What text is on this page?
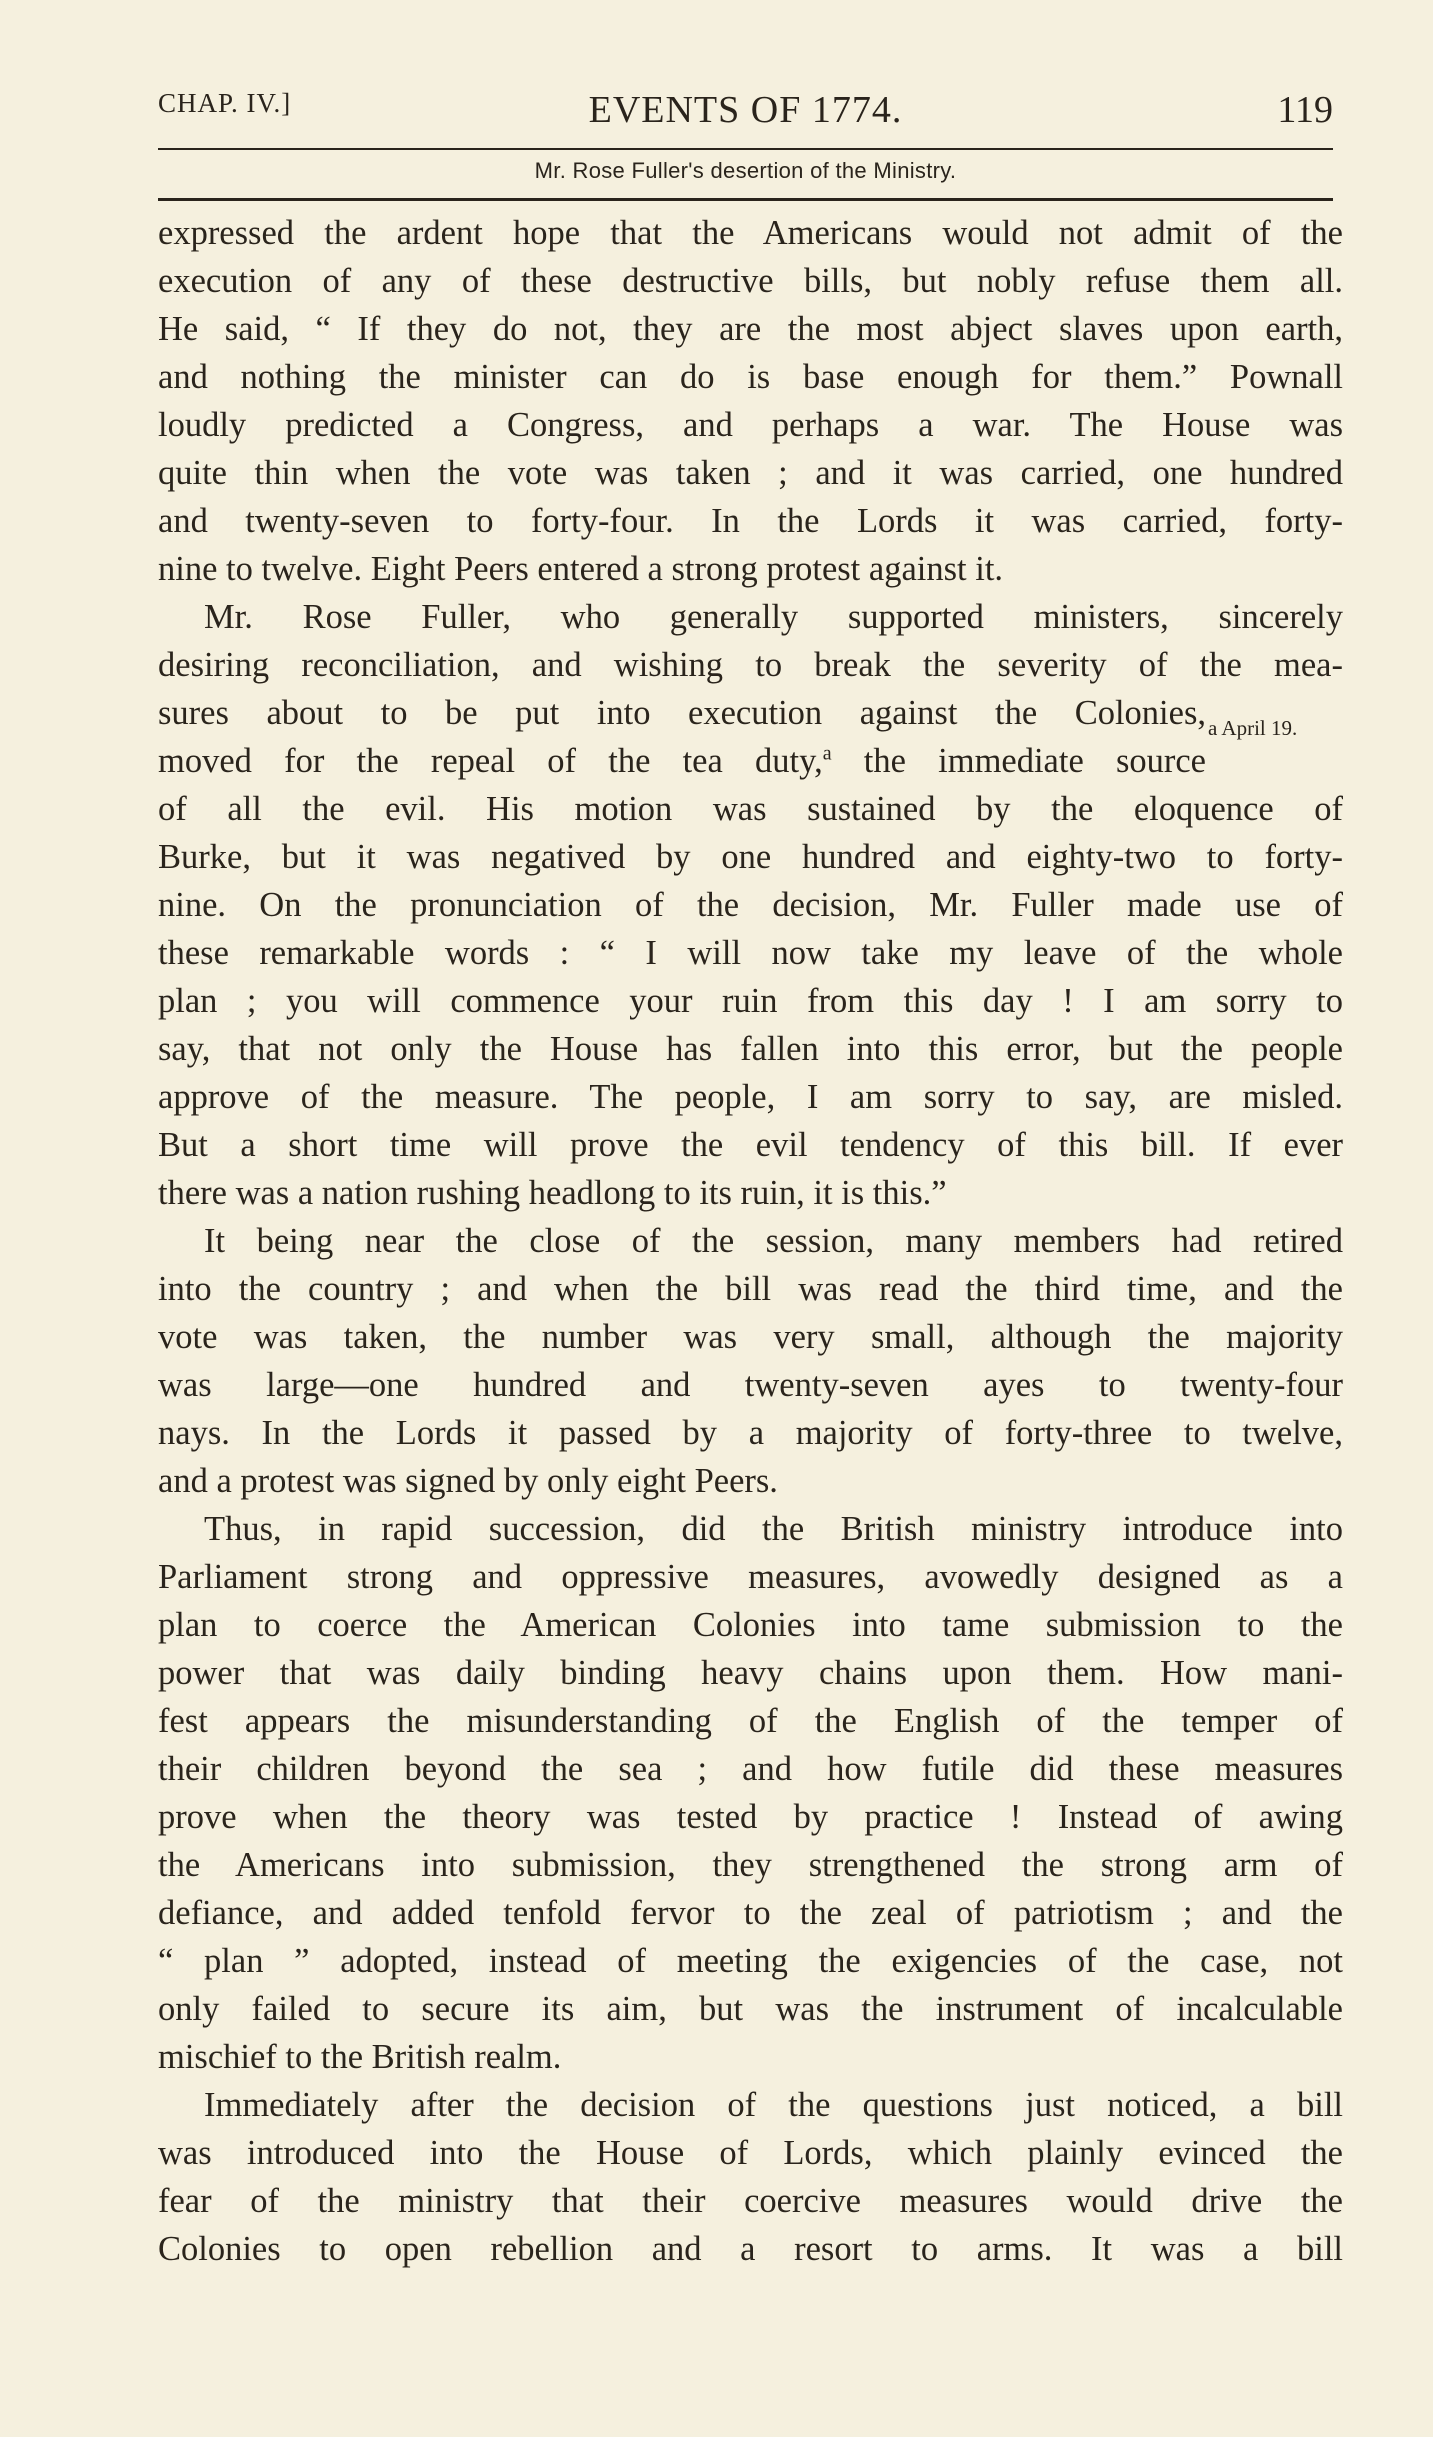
CHAP. IV.]	EVENTS OF 1774.	119
Mr. Rose Fuller's desertion of the Ministry.
expressed the ardent hope that the Americans would not admit of the
execution of any of these destructive bills, but nobly refuse them all.
He said, “ If they do not, they are the most abject slaves upon earth,
and nothing the minister can do is base enough for them.” Pownall
loudly predicted a Congress, and perhaps a war. The House was
quite thin when the vote was taken ; and it was carried, one hundred
and twenty-seven to forty-four. In the Lords it was carried, forty-
nine to twelve. Eight Peers entered a strong protest against it.
Mr. Rose Fuller, who generally supported ministers, sincerely
desiring reconciliation, and wishing to break the severity of the mea-
sures about to be put into execution against the Colonies,
moved for the repeal of the tea duty,$^a$ the immediate source
of all the evil. His motion was sustained by the eloquence of
Burke, but it was negatived by one hundred and eighty-two to forty-
nine. On the pronunciation of the decision, Mr. Fuller made use of
these remarkable words : “ I will now take my leave of the whole
plan ; you will commence your ruin from this day ! I am sorry to
say, that not only the House has fallen into this error, but the people
approve of the measure. The people, I am sorry to say, are misled.
But a short time will prove the evil tendency of this bill. If ever
there was a nation rushing headlong to its ruin, it is this.”
It being near the close of the session, many members had retired
into the country ; and when the bill was read the third time, and the
vote was taken, the number was very small, although the majority
was large—one hundred and twenty-seven ayes to twenty-four
nays. In the Lords it passed by a majority of forty-three to twelve,
and a protest was signed by only eight Peers.
Thus, in rapid succession, did the British ministry introduce into
Parliament strong and oppressive measures, avowedly designed as a
plan to coerce the American Colonies into tame submission to the
power that was daily binding heavy chains upon them. How mani-
fest appears the misunderstanding of the English of the temper of
their children beyond the sea ; and how futile did these measures
prove when the theory was tested by practice ! Instead of awing
the Americans into submission, they strengthened the strong arm of
defiance, and added tenfold fervor to the zeal of patriotism ; and the
“ plan ” adopted, instead of meeting the exigencies of the case, not
only failed to secure its aim, but was the instrument of incalculable
mischief to the British realm.
Immediately after the decision of the questions just noticed, a bill
was introduced into the House of Lords, which plainly evinced the
fear of the ministry that their coercive measures would drive the
Colonies to open rebellion and a resort to arms. It was a bill
a April 19.
